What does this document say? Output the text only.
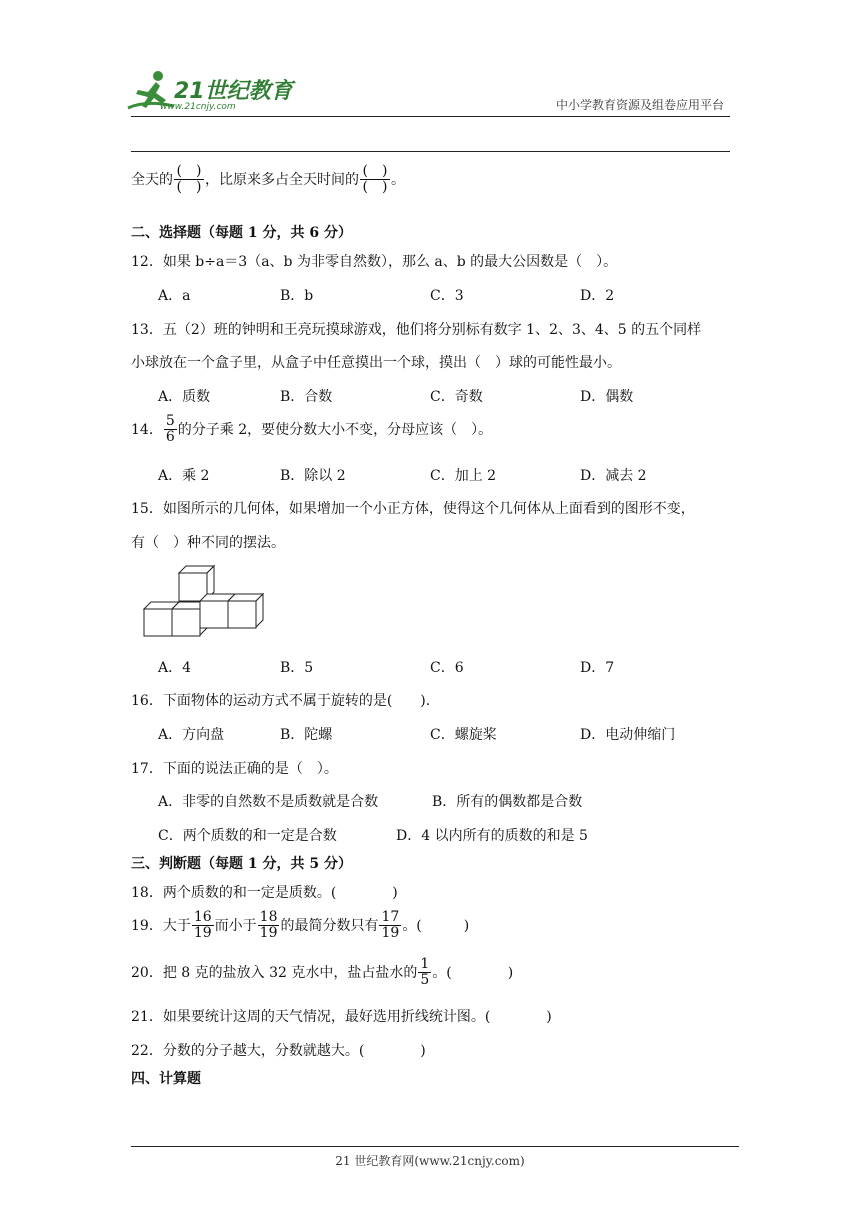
21世纪教育
www.21cnjy.com	中小学教育资源及组卷应用平台
全天的 $\frac{( )}{( )}$ ，比原来多占全天时间的 $\frac{( )}{( )}$ 。
二、选择题（每题 1 分，共 6 分）
12．如果 b÷a＝3（a、b 为非零自然数），那么 a、b 的最大公因数是（　）。
A．a	B．b	C．3	D．2
13．五（2）班的钟明和王亮玩摸球游戏，他们将分别标有数字 1、2、3、4、5 的五个同样
小球放在一个盒子里，从盒子中任意摸出一个球，摸出（　）球的可能性最小。
A．质数	B．合数	C．奇数	D．偶数
14． $\frac{5}{6}$ 的分子乘 2，要使分数大小不变，分母应该（　）。
A．乘 2	B．除以 2	C．加上 2	D．减去 2
15．如图所示的几何体，如果增加一个小正方体，使得这个几何体从上面看到的图形不变，
有（　）种不同的摆法。
A．4	B．5	C．6	D．7
16．下面物体的运动方式不属于旋转的是(　　).
A．方向盘	B．陀螺	C．螺旋桨	D．电动伸缩门
17．下面的说法正确的是（　）。
A．非零的自然数不是质数就是合数	B．所有的偶数都是合数
C．两个质数的和一定是合数	D．4 以内所有的质数的和是 5
三、判断题（每题 1 分，共 5 分）
18．两个质数的和一定是质数。(　　　　)
19．大于 $\frac{16}{19}$ 而小于 $\frac{18}{19}$ 的最简分数只有 $\frac{17}{19}$ 。(　　　)
20．把 8 克的盐放入 32 克水中，盐占盐水的 $\frac{1}{5}$ 。(　　　　)
21．如果要统计这周的天气情况，最好选用折线统计图。(　　　　)
22．分数的分子越大，分数就越大。(　　　　)
四、计算题
21 世纪教育网(www.21cnjy.com)
